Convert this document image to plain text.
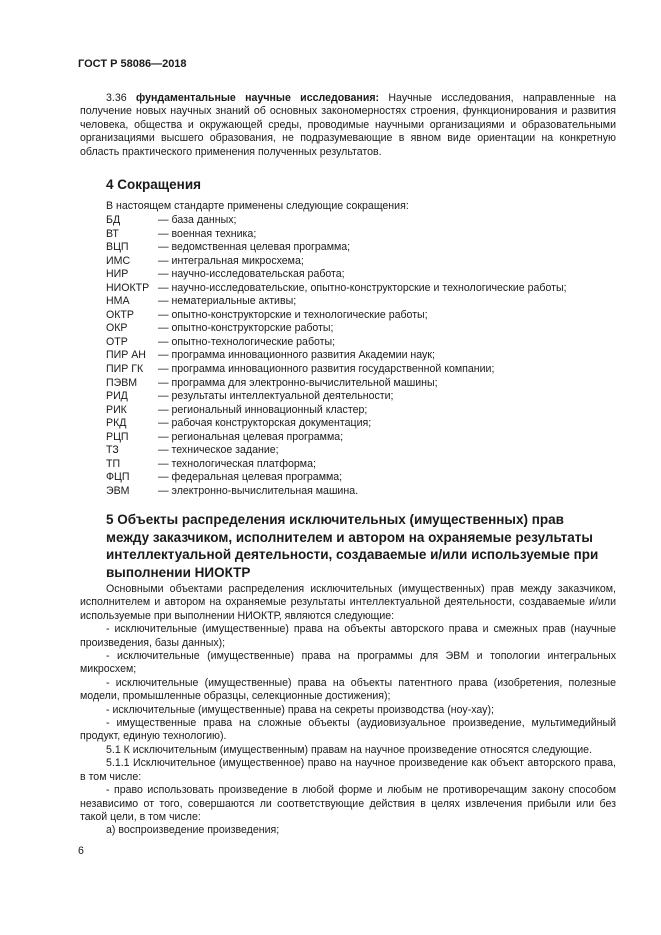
ГОСТ Р 58086—2018

3.36 фундаментальные научные исследования: Научные исследования, направленные на получение новых научных знаний об основных закономерностях строения, функционирования и развития человека, общества и окружающей среды, проводимые научными организациями и образовательными организациями высшего образования, не подразумевающие в явном виде ориентации на конкретную область практического применения полученных результатов.

4 Сокращения
В настоящем стандарте применены следующие сокращения:
БД	— база данных;
ВТ	— военная техника;
ВЦП	— ведомственная целевая программа;
ИМС	— интегральная микросхема;
НИР	— научно-исследовательская работа;
НИОКТР — научно-исследовательские, опытно-конструкторские и технологические работы;
НМА	— нематериальные активы;
ОКТР — опытно-конструкторские и технологические работы;
ОКР	— опытно-конструкторские работы;
ОТР	— опытно-технологические работы;
ПИР АН — программа инновационного развития Академии наук;
ПИР ГК — программа инновационного развития государственной компании;
ПЭВМ — программа для электронно-вычислительной машины;
РИД	— результаты интеллектуальной деятельности;
РИК	— региональный инновационный кластер;
РКД	— рабочая конструкторская документация;
РЦП	— региональная целевая программа;
ТЗ	— техническое задание;
ТП	— технологическая платформа;
ФЦП	— федеральная целевая программа;
ЭВМ	— электронно-вычислительная машина.
5 Объекты распределения исключительных (имущественных) прав между заказчиком, исполнителем и автором на охраняемые результаты интеллектуальной деятельности, создаваемые и/или используемые при выполнении НИОКТР

Основными объектами распределения исключительных (имущественных) прав между заказчиком, исполнителем и автором на охраняемые результаты интеллектуальной деятельности, создаваемые и/или используемые при выполнении НИОКТР, являются следующие:

- исключительные (имущественные) права на объекты авторского права и смежных прав (научные произведения, базы данных);

- исключительные (имущественные) права на программы для ЭВМ и топологии интегральных микросхем;

- исключительные (имущественные) права на объекты патентного права (изобретения, полезные модели, промышленные образцы, селекционные достижения);

- исключительные (имущественные) права на секреты производства (ноу-хау);

- имущественные права на сложные объекты (аудиовизуальное произведение, мультимедийный продукт, единую технологию).

5.1 К исключительным (имущественным) правам на научное произведение относятся следующие.

5.1.1 Исключительное (имущественное) право на научное произведение как объект авторского права, в том числе:

- право использовать произведение в любой форме и любым не противоречащим закону способом независимо от того, совершаются ли соответствующие действия в целях извлечения прибыли или без такой цели, в том числе:

а) воспроизведение произведения;

6
